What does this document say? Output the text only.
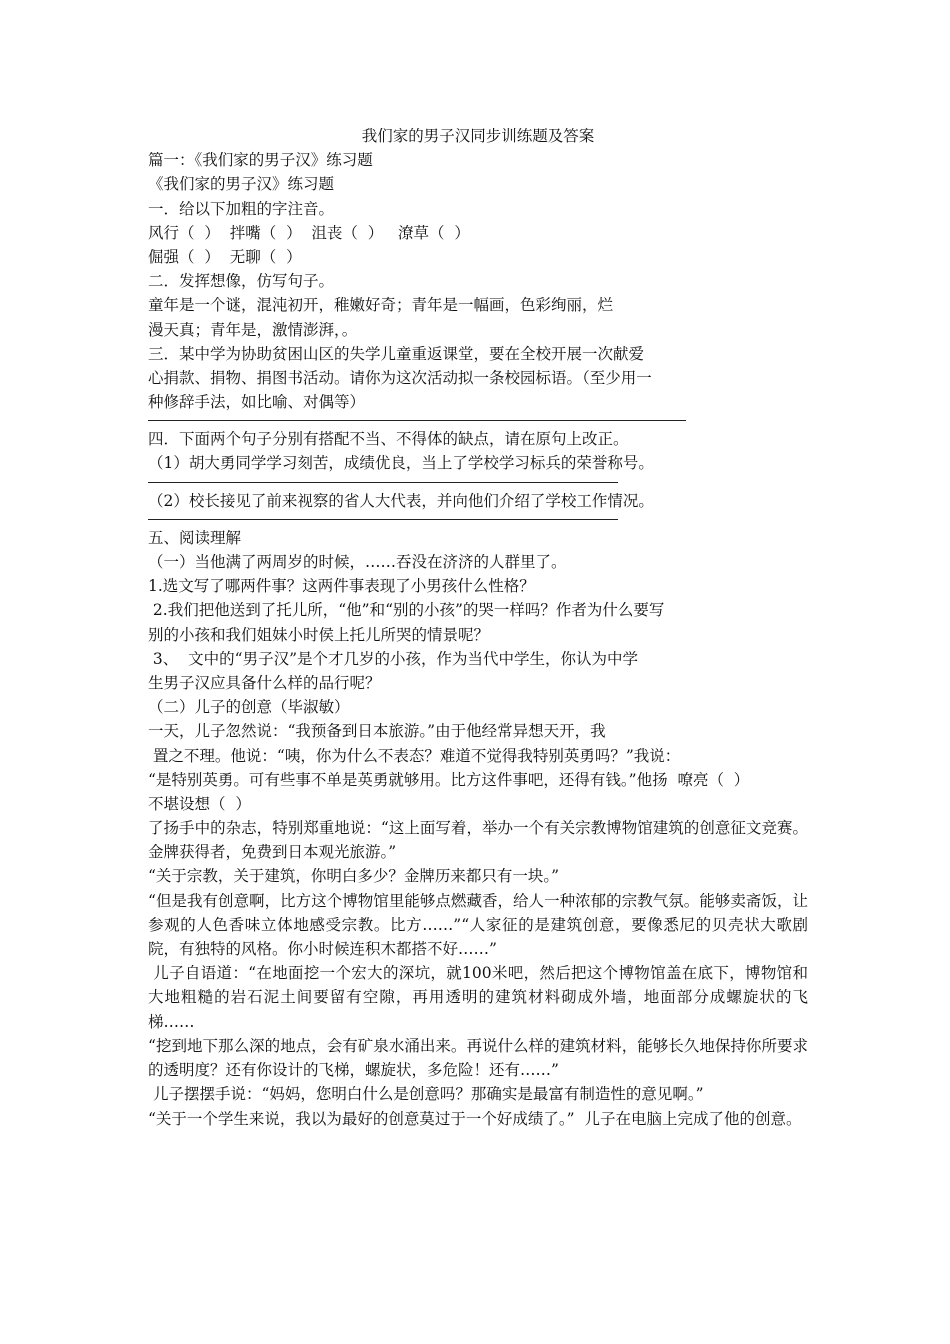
我们家的男子汉同步训练题及答案
篇一：《我们家的男子汉》练习题
《我们家的男子汉》练习题
一．给以下加粗的字注音。
风行（  ）  拌嘴（  ）  沮丧（  ）   潦草（  ）
倔强（  ）  无聊（  ）
二．发挥想像，仿写句子。
童年是一个谜，混沌初开，稚嫩好奇；青年是一幅画，色彩绚丽，烂
漫天真；青年是，激情澎湃，。
三．某中学为协助贫困山区的失学儿童重返课堂，要在全校开展一次献爱
心捐款、捐物、捐图书活动。请你为这次活动拟一条校园标语。（至少用一
种修辞手法，如比喻、对偶等）
四．下面两个句子分别有搭配不当、不得体的缺点，请在原句上改正。
（1）胡大勇同学学习刻苦，成绩优良，当上了学校学习标兵的荣誉称号。
（2）校长接见了前来视察的省人大代表，并向他们介绍了学校工作情况。
五、阅读理解
（一）当他满了两周岁的时候，……吞没在济济的人群里了。
1.选文写了哪两件事？这两件事表现了小男孩什么性格？
2.我们把他送到了托儿所，“他”和“别的小孩”的哭一样吗？作者为什么要写
别的小孩和我们姐妹小时侯上托儿所哭的情景呢？
3、  文中的“男子汉”是个才几岁的小孩，作为当代中学生，你认为中学
生男子汉应具备什么样的品行呢？
（二）儿子的创意（毕淑敏）
一天，儿子忽然说：“我预备到日本旅游。”由于他经常异想天开，我
置之不理。他说：“咦，你为什么不表态？难道不觉得我特别英勇吗？”我说：
“是特别英勇。可有些事不单是英勇就够用。比方这件事吧，还得有钱。”他扬  嘹亮（  ）
不堪设想（  ）
了扬手中的杂志，特别郑重地说：“这上面写着，举办一个有关宗教博物馆建筑的创意征文竞赛。金牌获得者，免费到日本观光旅游。”
“关于宗教，关于建筑，你明白多少？金牌历来都只有一块。”
“但是我有创意啊，比方这个博物馆里能够点燃藏香，给人一种浓郁的宗教气氛。能够卖斋饭，让参观的人色香味立体地感受宗教。比方……”“人家征的是建筑创意，要像悉尼的贝壳状大歌剧院，有独特的风格。你小时候连积木都搭不好……”
儿子自语道：“在地面挖一个宏大的深坑，就100米吧，然后把这个博物馆盖在底下，博物馆和大地粗糙的岩石泥土间要留有空隙，再用透明的建筑材料砌成外墙，地面部分成螺旋状的飞梯……
“挖到地下那么深的地点，会有矿泉水涌出来。再说什么样的建筑材料，能够长久地保持你所要求的透明度？还有你设计的飞梯，螺旋状，多危险！还有……”
儿子摆摆手说：“妈妈，您明白什么是创意吗？那确实是最富有制造性的意见啊。”
“关于一个学生来说，我以为最好的创意莫过于一个好成绩了。”  儿子在电脑上完成了他的创意。
